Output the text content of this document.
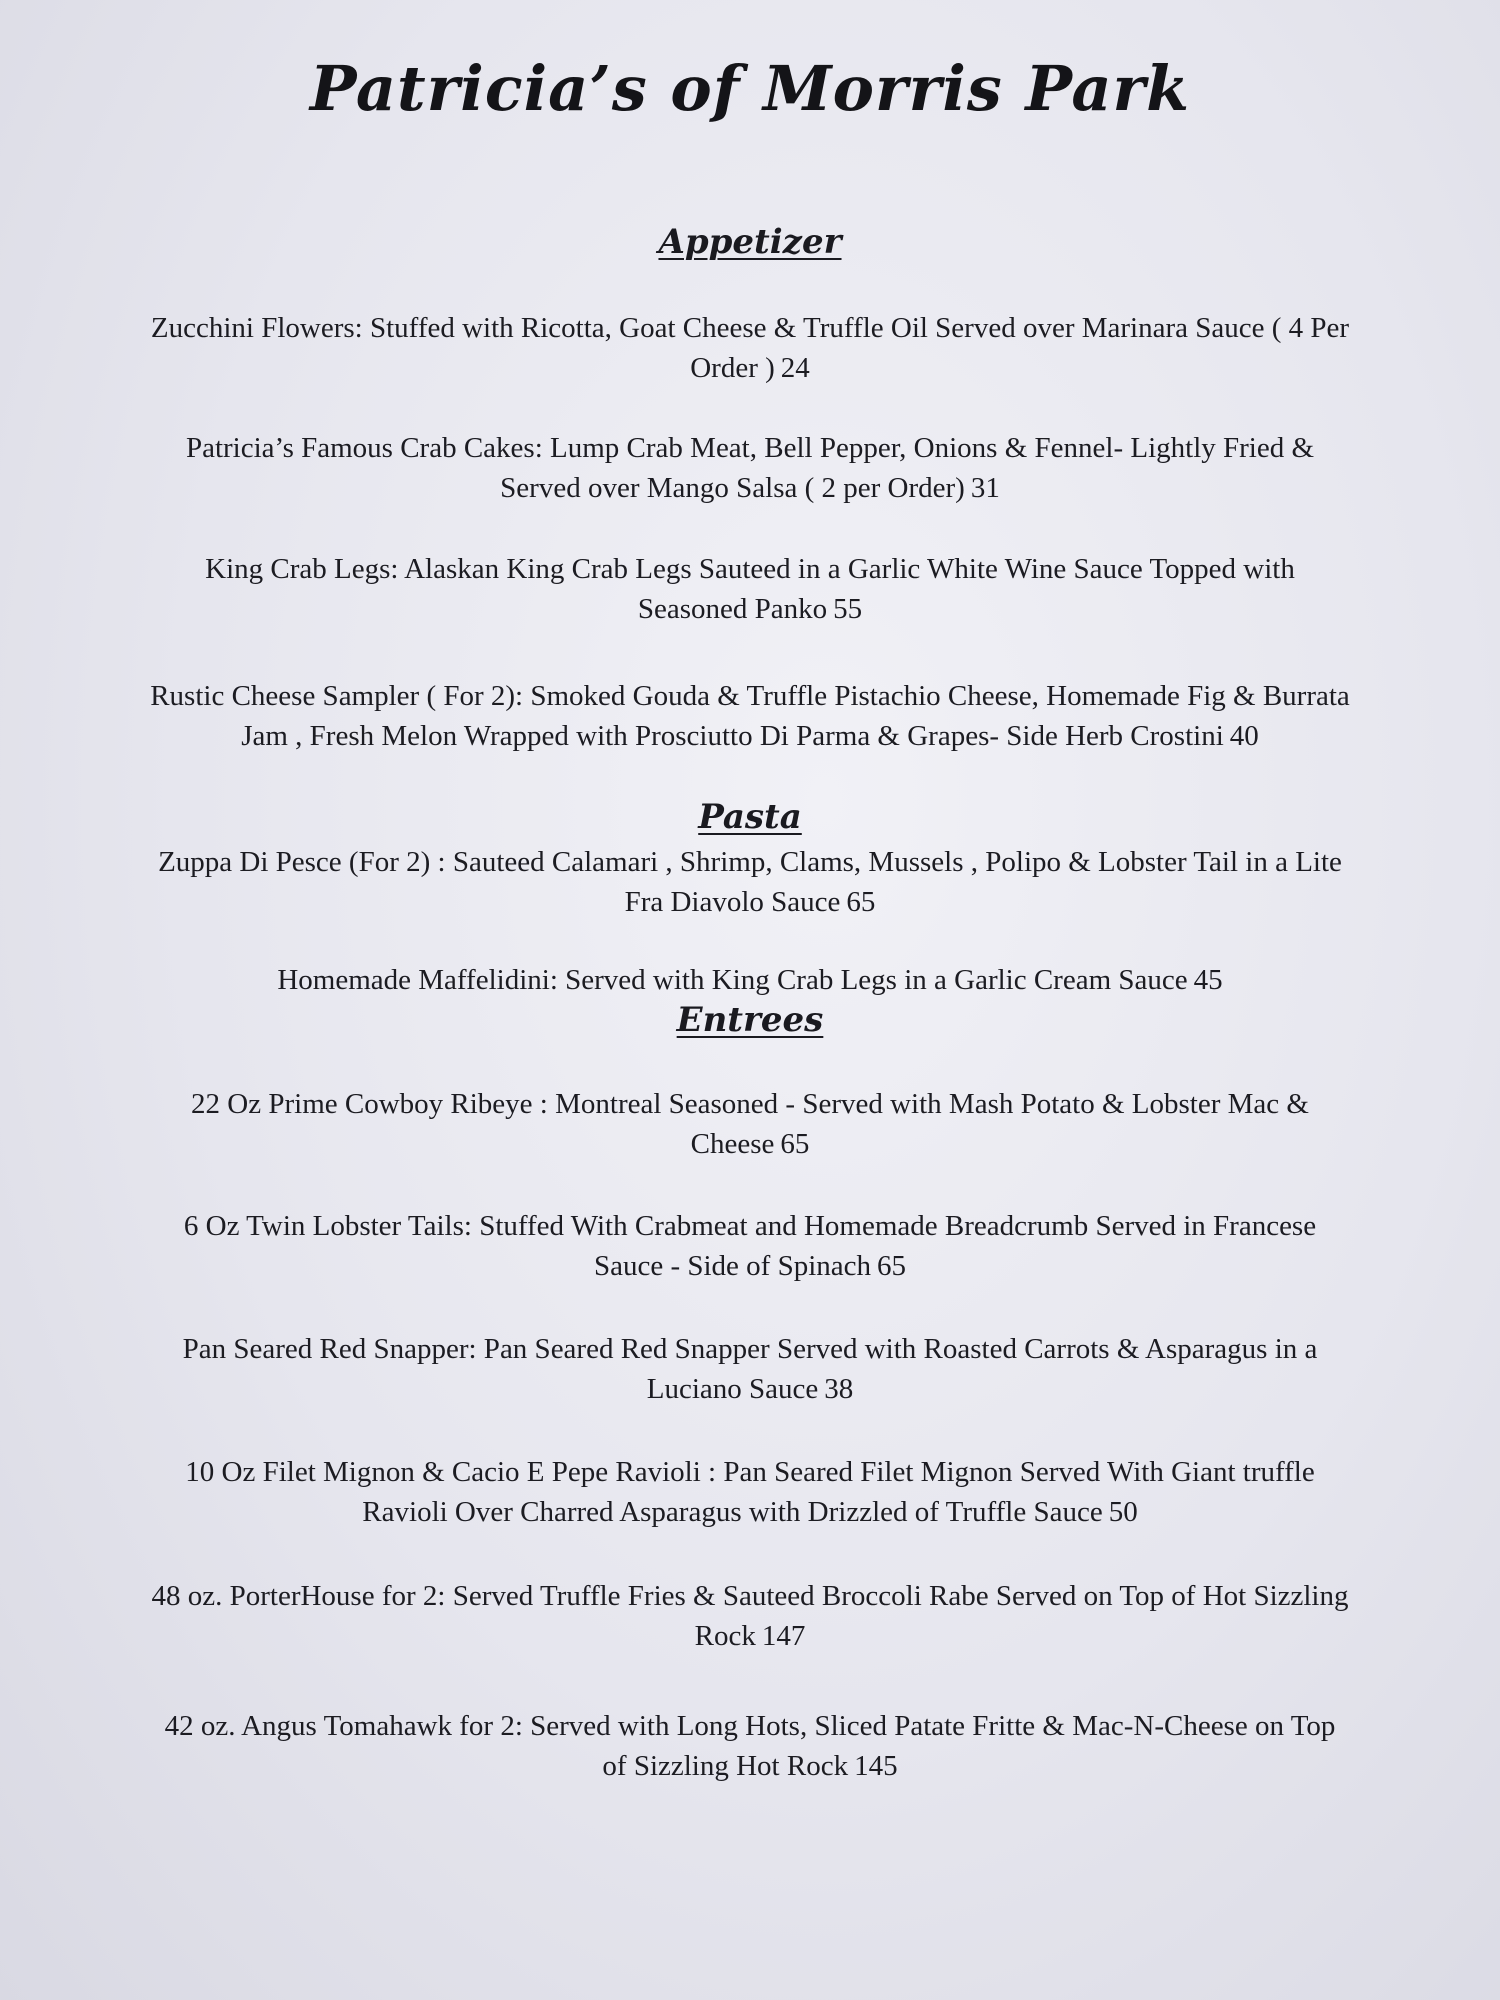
Patricia’s of Morris Park
Appetizer

Zucchini Flowers: Stuffed with Ricotta, Goat Cheese & Truffle Oil Served over Marinara Sauce ( 4 Per Order ) 24

Patricia’s Famous Crab Cakes: Lump Crab Meat, Bell Pepper, Onions & Fennel- Lightly Fried & Served over Mango Salsa ( 2 per Order) 31

King Crab Legs: Alaskan King Crab Legs Sauteed in a Garlic White Wine Sauce Topped with Seasoned Panko 55

Rustic Cheese Sampler ( For 2): Smoked Gouda & Truffle Pistachio Cheese, Homemade Fig & Burrata Jam , Fresh Melon Wrapped with Prosciutto Di Parma & Grapes- Side Herb Crostini 40

Pasta

Zuppa Di Pesce (For 2) : Sauteed Calamari , Shrimp, Clams, Mussels , Polipo & Lobster Tail in a Lite Fra Diavolo Sauce 65

Homemade Maffelidini: Served with King Crab Legs in a Garlic Cream Sauce 45

Entrees

22 Oz Prime Cowboy Ribeye : Montreal Seasoned - Served with Mash Potato & Lobster Mac & Cheese 65

6 Oz Twin Lobster Tails: Stuffed With Crabmeat and Homemade Breadcrumb Served in Francese Sauce - Side of Spinach 65

Pan Seared Red Snapper: Pan Seared Red Snapper Served with Roasted Carrots & Asparagus in a Luciano Sauce 38

10 Oz Filet Mignon & Cacio E Pepe Ravioli : Pan Seared Filet Mignon Served With Giant truffle Ravioli Over Charred Asparagus with Drizzled of Truffle Sauce 50

48 oz. PorterHouse for 2: Served Truffle Fries & Sauteed Broccoli Rabe Served on Top of Hot Sizzling Rock 147

42 oz. Angus Tomahawk for 2: Served with Long Hots, Sliced Patate Fritte & Mac-N-Cheese on Top of Sizzling Hot Rock 145
